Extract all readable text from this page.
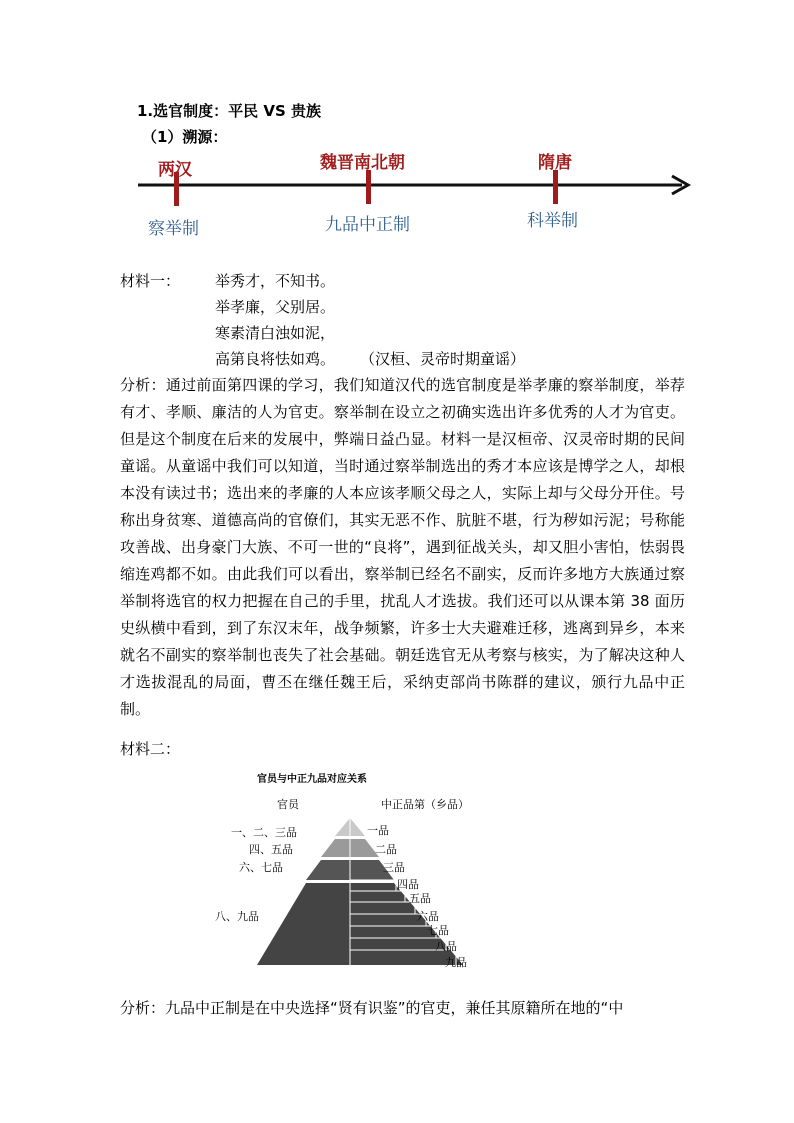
1.选官制度：平民 VS 贵族
（1）溯源：
两汉	魏晋南北朝	隋唐
察举制	九品中正制	科举制
材料一： 举秀才，不知书。
举孝廉，父别居。
寒素清白浊如泥，
高第良将怯如鸡。 （汉桓、灵帝时期童谣）
分析：通过前面第四课的学习，我们知道汉代的选官制度是举孝廉的察举制度，举荐有才、孝顺、廉洁的人为官吏。察举制在设立之初确实选出许多优秀的人才为官吏。但是这个制度在后来的发展中，弊端日益凸显。材料一是汉桓帝、汉灵帝时期的民间童谣。从童谣中我们可以知道，当时通过察举制选出的秀才本应该是博学之人，却根本没有读过书；选出来的孝廉的人本应该孝顺父母之人，实际上却与父母分开住。号称出身贫寒、道德高尚的官僚们，其实无恶不作、肮脏不堪，行为秽如污泥；号称能攻善战、出身豪门大族、不可一世的“良将”，遇到征战关头，却又胆小害怕，怯弱畏缩连鸡都不如。由此我们可以看出，察举制已经名不副实，反而许多地方大族通过察举制将选官的权力把握在自己的手里，扰乱人才选拔。我们还可以从课本第 38 面历史纵横中看到，到了东汉末年，战争频繁，许多士大夫避难迁移，逃离到异乡，本来就名不副实的察举制也丧失了社会基础。朝廷选官无从考察与核实，为了解决这种人才选拔混乱的局面，曹丕在继任魏王后，采纳吏部尚书陈群的建议，颁行九品中正制。
材料二：
官员与中正九品对应关系
官员	中正品第（乡品）
一、二、三品
四、五品
六、七品
八、九品
一品
二品
三品
四品
五品
六品
七品
八品
九品
分析：九品中正制是在中央选择“贤有识鉴”的官吏，兼任其原籍所在地的“中
